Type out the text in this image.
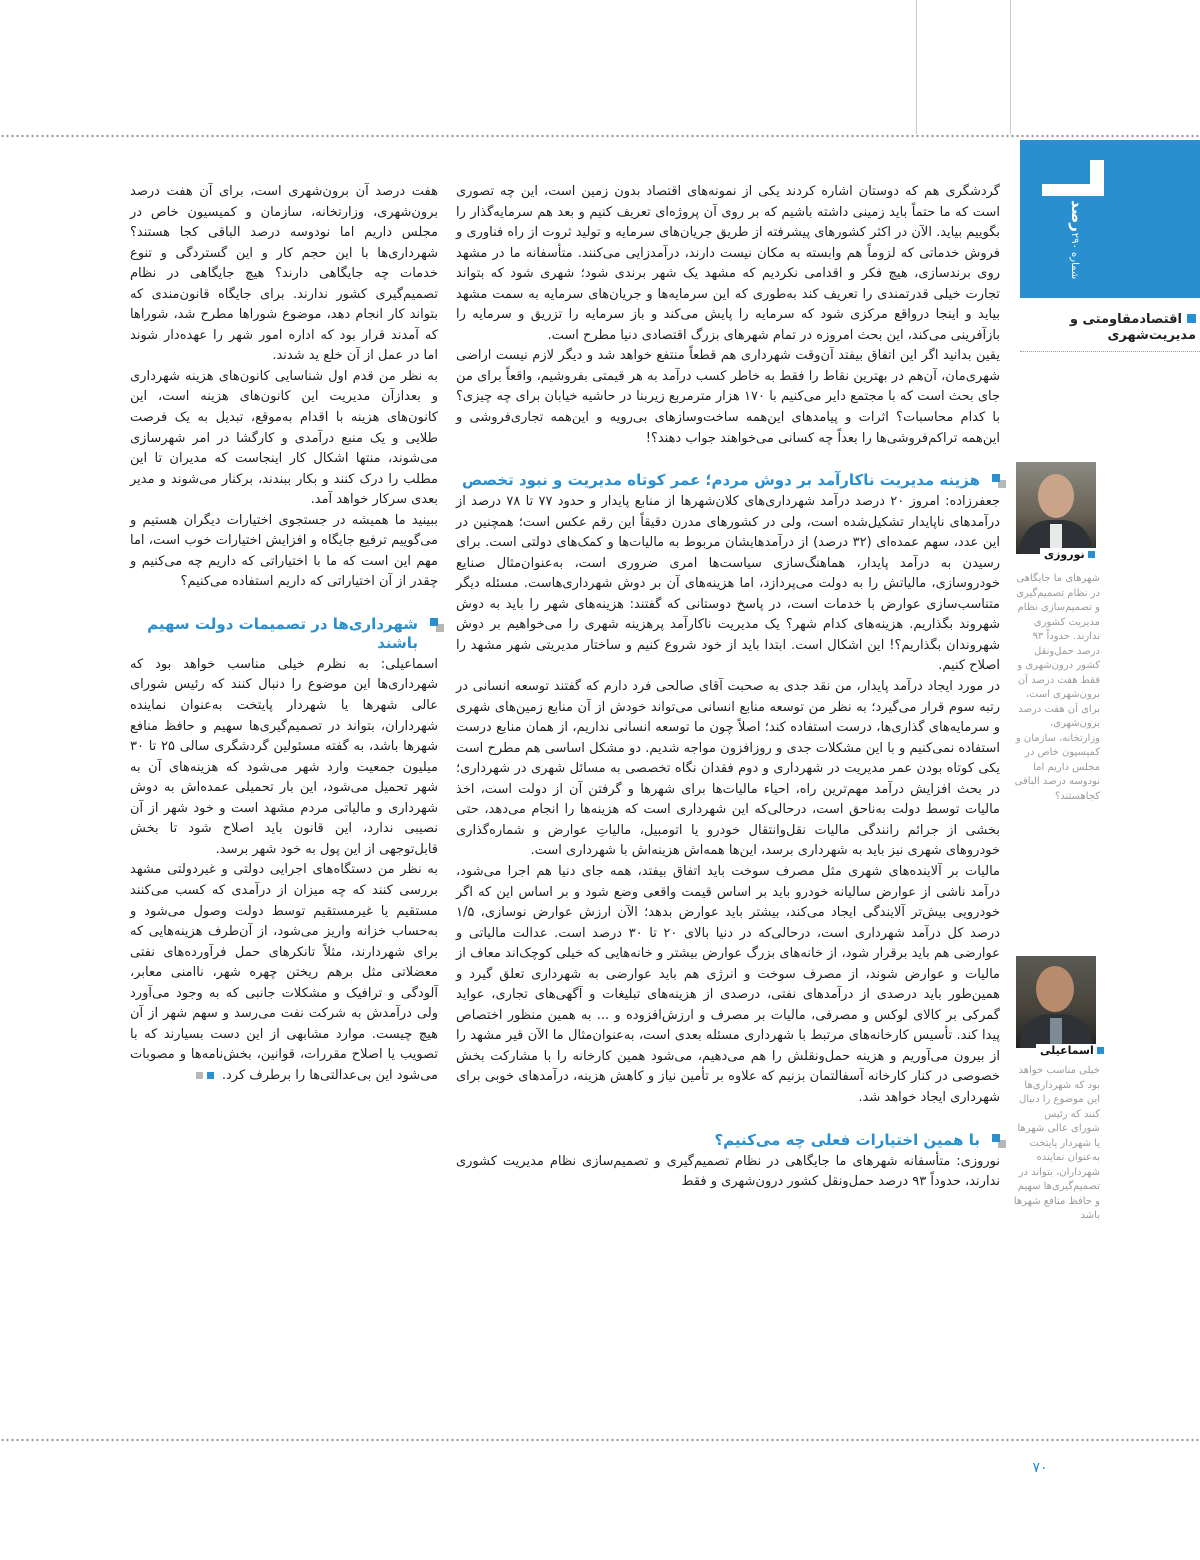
رصد
شماره ۲۹۰
اقتصادمقاومتی و
مدیریت‌شهری
نوروزی
شهرهای ما جایگاهی در نظام تصمیم‌گیری و تصمیم‌سازی نظام مدیریت کشوری ندارند. حدوداً ۹۳ درصد حمل‌ونقل کشور درون‌شهری و فقط هفت درصد آن برون‌شهری است، برای آن هفت درصد برون‌شهری، وزارتخانه، سازمان و کمیسیون خاص در مجلس داریم اما نودوسه درصد الباقی کجاهستند؟
اسماعیلی
خیلی مناسب خواهد بود که شهرداری‌ها این موضوع را دنبال کنند که رئیس شورای عالی شهرها یا شهردار پایتخت به‌عنوان نماینده شهرداران، بتواند در تصمیم‌گیری‌ها سهیم و حافظ منافع شهرها باشد

گردشگری هم که دوستان اشاره کردند یکی از نمونه‌های اقتصاد بدون زمین است، این چه تصوری است که ما حتماً باید زمینی داشته باشیم که بر روی آن پروژه‌ای تعریف کنیم و بعد هم سرمایه‌گذار را بگوییم بیاید. الآن در اکثر کشورهای پیشرفته از طریق جریان‌های سرمایه و تولید ثروت از راه فناوری و فروش خدماتی که لزوماً هم وابسته به مکان نیست دارند، درآمدزایی می‌کنند. متأسفانه ما در مشهد روی برندسازی، هیچ فکر و اقدامی نکردیم که مشهد یک شهر برندی شود؛ شهری شود که بتواند تجارت خیلی قدرتمندی را تعریف کند به‌طوری که این سرمایه‌ها و جریان‌های سرمایه به سمت مشهد بیاید و اینجا درواقع مرکزی شود که سرمایه را پایش می‌کند و باز سرمایه را تزریق و سرمایه را بازآفرینی می‌کند، این بحث امروزه در تمام شهرهای بزرگ اقتصادی دنیا مطرح است.

یقین بدانید اگر این اتفاق بیفتد آن‌وقت شهرداری هم قطعاً منتفع خواهد شد و دیگر لازم نیست اراضی شهری‌مان، آن‌هم در بهترین نقاط را فقط به خاطر کسب درآمد به هر قیمتی بفروشیم، واقعاً برای من جای بحث است که با مجتمع دایر می‌کنیم با ۱۷۰ هزار مترمربع زیربنا در حاشیه خیابان برای چه چیزی؟ با کدام محاسبات؟ اثرات و پیامدهای این‌همه ساخت‌وسازهای بی‌رویه و این‌همه تجاری‌فروشی و این‌همه تراکم‌فروشی‌ها را بعداً چه کسانی می‌خواهند جواب دهند؟!

هزینه مدیریت ناکارآمد بر دوش مردم؛ عمر کوتاه مدیریت و نبود تخصص

جعفرزاده: امروز ۲۰ درصد درآمد شهرداری‌های کلان‌شهرها از منابع پایدار و حدود ۷۷ تا ۷۸ درصد از درآمدهای ناپایدار تشکیل‌شده است، ولی در کشورهای مدرن دقیقاً این رقم عکس است؛ همچنین در این عدد، سهم عمده‌ای (۳۲ درصد) از درآمدهایشان مربوط به مالیات‌ها و کمک‌های دولتی است. برای رسیدن به درآمد پایدار، هماهنگ‌سازی سیاست‌ها امری ضروری است، به‌عنوان‌مثال صنایع خودروسازی، مالیاتش را به دولت می‌پردازد، اما هزینه‌های آن بر دوش شهرداری‌هاست. مسئله دیگر متناسب‌سازی عوارض با خدمات است، در پاسخ دوستانی که گفتند: هزینه‌های شهر را باید به دوش شهروند بگذاریم. هزینه‌های کدام شهر؟ یک مدیریت ناکارآمد پرهزینه شهری را می‌خواهیم بر دوش شهروندان بگذاریم؟! این اشکال است. ابتدا باید از خود شروع کنیم و ساختار مدیریتی شهر مشهد را اصلاح کنیم.

در مورد ایجاد درآمد پایدار، من نقد جدی به صحبت آقای صالحی فرد دارم که گفتند توسعه انسانی در رتبه سوم قرار می‌گیرد؛ به نظر من توسعه منابع انسانی می‌تواند خودش از آن منابع زمین‌های شهری و سرمایه‌های گذاری‌ها، درست استفاده کند؛ اصلاً چون ما توسعه انسانی نداریم، از همان منابع درست استفاده نمی‌کنیم و با این مشکلات جدی و روزافزون مواجه شدیم. دو مشکل اساسی هم مطرح است یکی کوتاه بودن عمر مدیریت در شهرداری و دوم فقدان نگاه تخصصی به مسائل شهری در شهرداری؛ در بحث افزایش درآمد مهم‌ترین راه، احیاء مالیات‌ها برای شهرها و گرفتن آن از دولت است، اخذ مالیات توسط دولت به‌ناحق است، درحالی‌که این شهرداری است که هزینه‌ها را انجام می‌دهد، حتی بخشی از جرائم رانندگی مالیات نقل‌وانتقال خودرو یا اتومبیل، مالیاتِ عوارض و شماره‌گذاری خودروهای شهری نیز باید به شهرداری برسد، این‌ها همه‌اش هزینه‌اش با شهرداری است.

مالیات بر آلاینده‌های شهری مثل مصرف سوخت باید اتفاق بیفتد، همه جای دنیا هم اجرا می‌شود، درآمد ناشی از عوارض سالیانه خودرو باید بر اساس قیمت واقعی وضع شود و بر اساس این که اگر خودرویی بیش‌تر آلایندگی ایجاد می‌کند، بیشتر باید عوارض بدهد؛ الآن ارزش عوارض نوسازی، ۱/۵ درصد کل درآمد شهرداری است، درحالی‌که در دنیا بالای ۲۰ تا ۳۰ درصد است. عدالت مالیاتی و عوارضی هم باید برقرار شود، از خانه‌های بزرگ عوارض بیشتر و خانه‌هایی که خیلی کوچک‌اند معاف از مالیات و عوارض شوند، از مصرف سوخت و انرژی هم باید عوارضی به شهرداری تعلق گیرد و همین‌طور باید درصدی از درآمدهای نفتی، درصدی از هزینه‌های تبلیغات و آگهی‌های تجاری، عواید گمرکی بر کالای لوکس و مصرفی، مالیات بر مصرف و ارزش‌افزوده و ... به همین منظور اختصاص پیدا کند. تأسیس کارخانه‌های مرتبط با شهرداری مسئله بعدی است، به‌عنوان‌مثال ما الآن قیر مشهد را از بیرون می‌آوریم و هزینه حمل‌ونقلش را هم می‌دهیم، می‌شود همین کارخانه را با مشارکت بخش خصوصی در کنار کارخانه آسفالتمان بزنیم که علاوه بر تأمین نیاز و کاهش هزینه، درآمدهای خوبی برای شهرداری ایجاد خواهد شد.

با همین اختیارات فعلی چه می‌کنیم؟

نوروزی: متأسفانه شهرهای ما جایگاهی در نظام تصمیم‌گیری و تصمیم‌سازی نظام مدیریت کشوری ندارند، حدوداً ۹۳ درصد حمل‌ونقل کشور درون‌شهری و فقط

هفت درصد آن برون‌شهری است، برای آن هفت درصد برون‌شهری، وزارتخانه، سازمان و کمیسیون خاص در مجلس داریم اما نودوسه درصد الباقی کجا هستند؟ شهرداری‌ها با این حجم کار و این گستردگی و تنوع خدمات چه جایگاهی دارند؟ هیچ جایگاهی در نظام تصمیم‌گیری کشور ندارند. برای جایگاه قانون‌مندی که بتواند کار انجام دهد، موضوع شوراها مطرح شد، شوراها که آمدند قرار بود که اداره امور شهر را عهده‌دار شوند اما در عمل از آن خلع ید شدند.

به نظر من قدم اول شناسایی کانون‌های هزینه شهرداری و بعدازآن مدیریت این کانون‌های هزینه است، این کانون‌های هزینه با اقدام به‌موقع، تبدیل به یک فرصت طلایی و یک منبع درآمدی و کارگشا در امر شهرسازی می‌شوند، منتها اشکال کار اینجاست که مدیران تا این مطلب را درک کنند و بکار ببندند، برکنار می‌شوند و مدیر بعدی سرکار خواهد آمد.

ببینید ما همیشه در جستجوی اختیارات دیگران هستیم و می‌گوییم ترفیع جایگاه و افزایش اختیارات خوب است، اما مهم این است که ما با اختیاراتی که داریم چه می‌کنیم و چقدر از آن اختیاراتی که داریم استفاده می‌کنیم؟

شهرداری‌ها در تصمیمات دولت سهیم باشند

اسماعیلی: به نظرم خیلی مناسب خواهد بود که شهرداری‌ها این موضوع را دنبال کنند که رئیس شورای عالی شهرها یا شهردار پایتخت به‌عنوان نماینده شهرداران، بتواند در تصمیم‌گیری‌ها سهیم و حافظ منافع شهرها باشد، به گفته مسئولین گردشگری سالی ۲۵ تا ۳۰ میلیون جمعیت وارد شهر می‌شود که هزینه‌های آن به شهر تحمیل می‌شود، این بار تحمیلی عمده‌اش به دوش شهرداری و مالیاتی مردم مشهد است و خود شهر از آن نصیبی ندارد، این قانون باید اصلاح شود تا بخش قابل‌توجهی از این پول به خود شهر برسد.

به نظر من دستگاه‌های اجرایی دولتی و غیردولتی مشهد بررسی کنند که چه میزان از درآمدی که کسب می‌کنند مستقیم یا غیرمستقیم توسط دولت وصول می‌شود و به‌حساب خزانه واریز می‌شود، از آن‌طرف هزینه‌هایی که برای شهردارند، مثلاً تانکرهای حمل فرآورده‌های نفتی معضلاتی مثل برهم ریختن چهره شهر، ناامنی معابر، آلودگی و ترافیک و مشکلات جانبی که به وجود می‌آورد ولی درآمدش به شرکت نفت می‌رسد و سهم شهر از آن هیچ چیست. موارد مشابهی از این دست بسیارند که با تصویب یا اصلاح مقررات، قوانین، بخش‌نامه‌ها و مصوبات می‌شود این بی‌عدالتی‌ها را برطرف کرد.

۷۰
